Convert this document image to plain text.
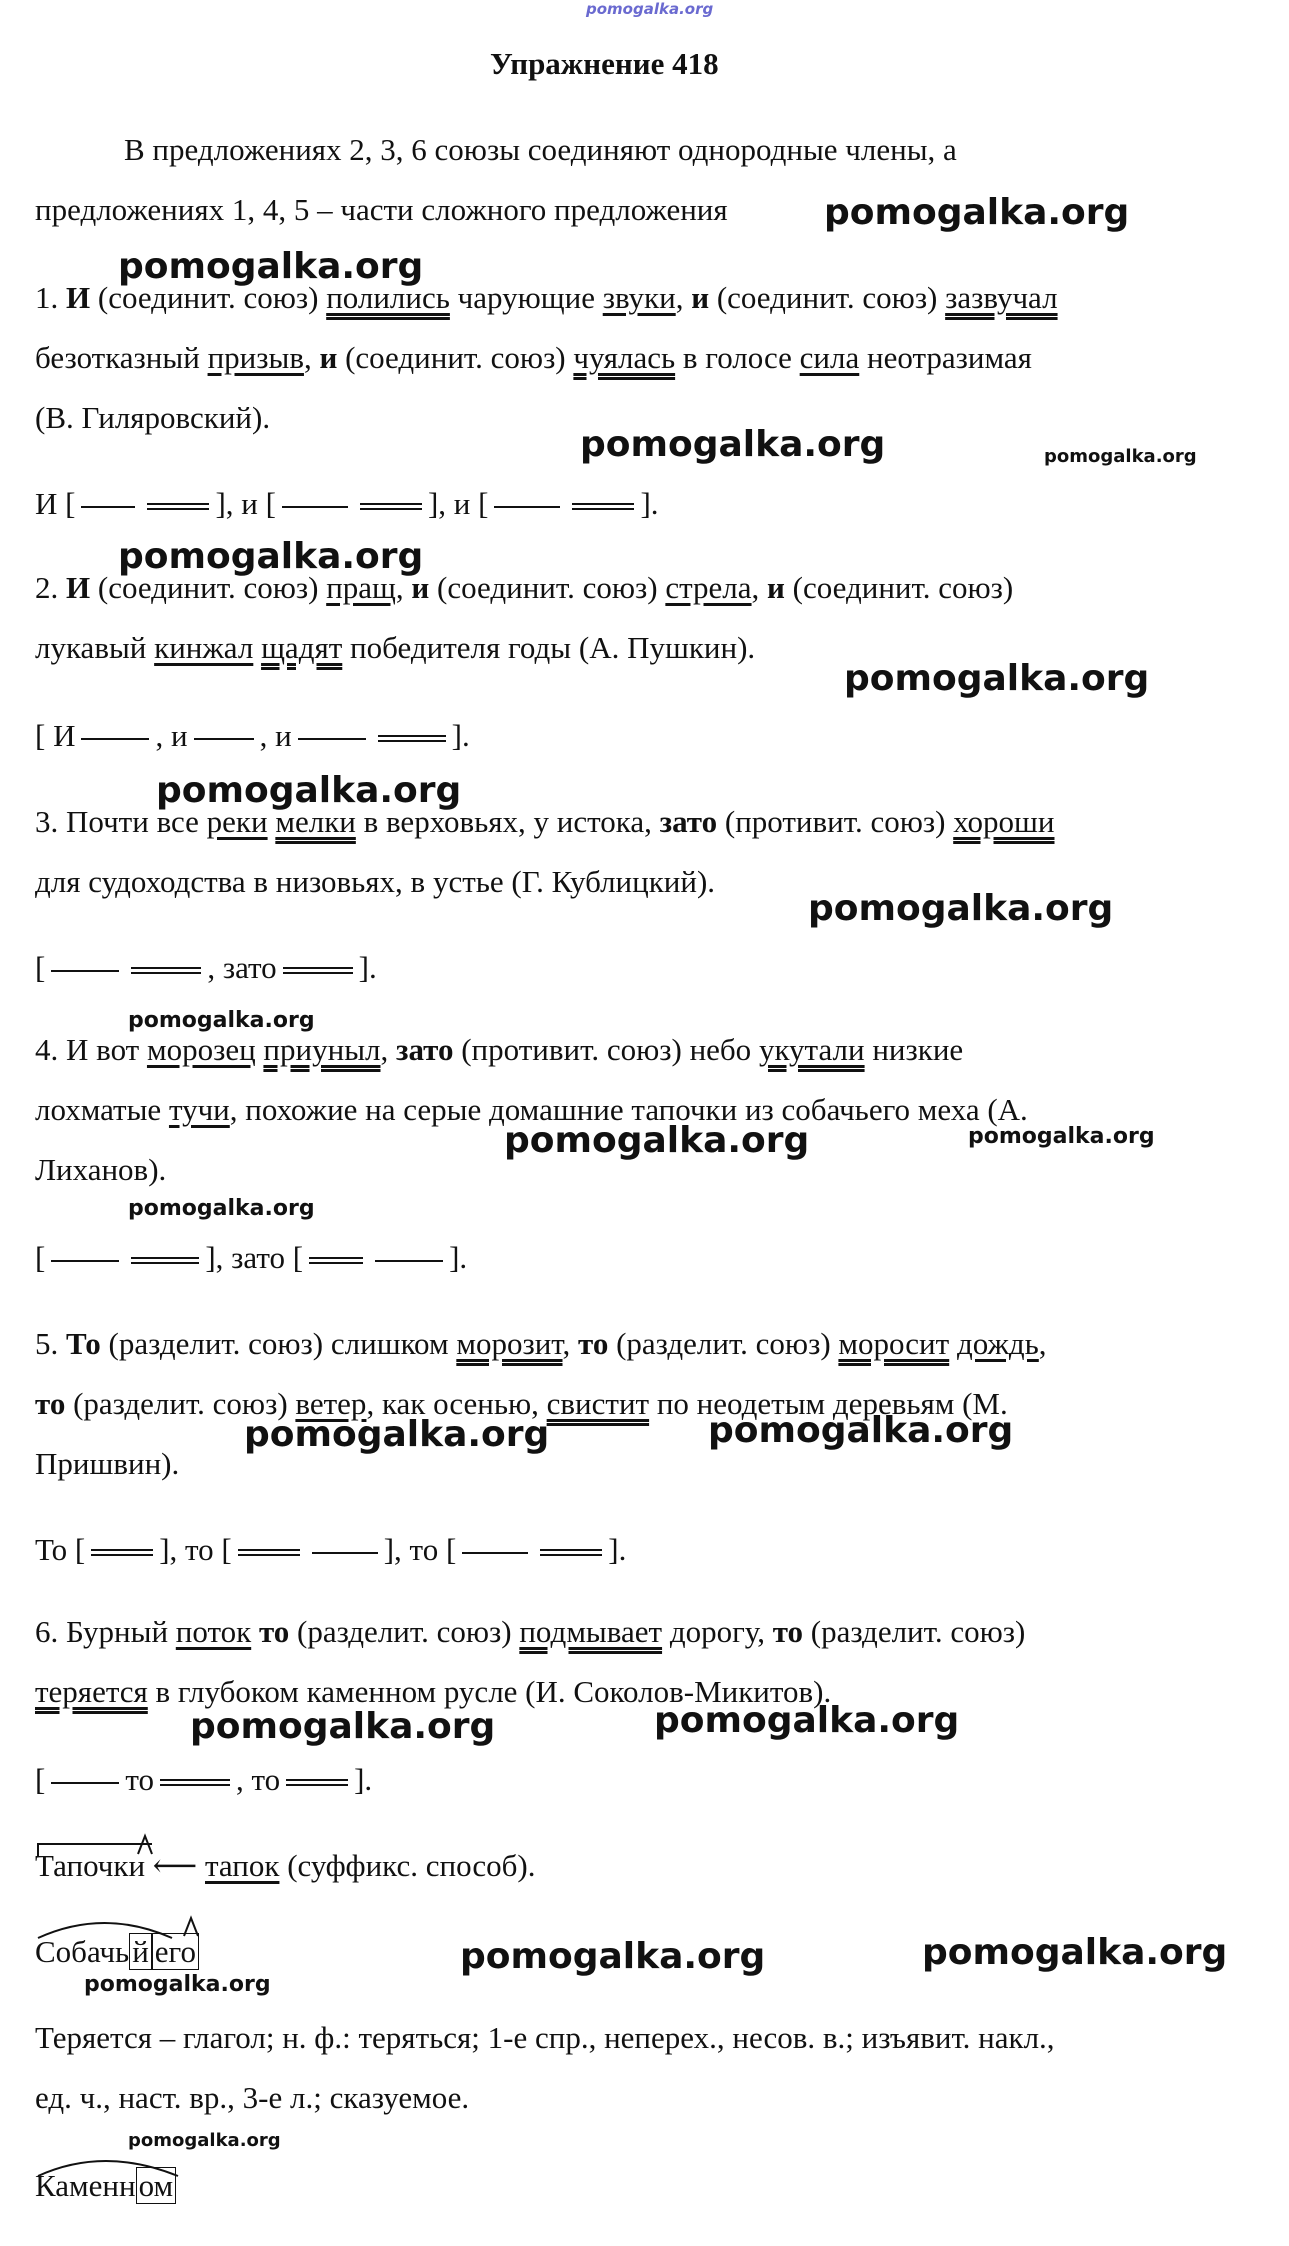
pomogalka.org
Упражнение 418
В предложениях 2, 3, 6 союзы соединяют однородные члены, а
предложениях 1, 4, 5 – части сложного предложения	pomogalka.org
pomogalka.org
pomogalka.org	pomogalka.org
pomogalka.org
pomogalka.org
pomogalka.org
pomogalka.org
pomogalka.org
pomogalka.org	pomogalka.org
pomogalka.org
pomogalka.org	pomogalka.org
pomogalka.org	pomogalka.org
pomogalka.org	pomogalka.org
pomogalka.org
pomogalka.org
1. И (соединит. союз) полились чарующие звуки, и (соединит. союз) зазвучал
безотказный призыв, и (соединит. союз) чуялась в голосе сила неотразимая
(В. Гиляровский).
И [	], и [	], и [	].
2. И (соединит. союз) пращ, и (соединит. союз) стрела, и (соединит. союз)
лукавый кинжал щадят победителя годы (А. Пушкин).
[ И	, и , и	].
3. Почти все реки мелки в верховьях, у истока, зато (противит. союз) хороши
для судоходства в низовьях, в устье (Г. Кублицкий).
[	, зато	].
4. И вот морозец приуныл, зато (противит. союз) небо укутали низкие
лохматые тучи, похожие на серые домашние тапочки из собачьего меха (А.
Лиханов).
[	], зато [	].
5. То (разделит. союз) слишком морозит, то (разделит. союз) моросит дождь,
то (разделит. союз) ветер, как осенью, свистит по неодетым деревьям (М.
Пришвин).
То [ ], то [	], то [	].
6. Бурный поток то (разделит. союз) подмывает дорогу, то (разделит. союз)
теряется в глубоком каменном русле (И. Соколов-Микитов).
[	то	, то ].
Тапочки ⟵ тапок (суффикс. способ).
Собачьй его
Теряется – глагол; н. ф.: теряться; 1-е спр., неперех., несов. в.; изъявит. накл.,
ед. ч., наст. вр., 3-е л.; сказуемое.
Каменном
